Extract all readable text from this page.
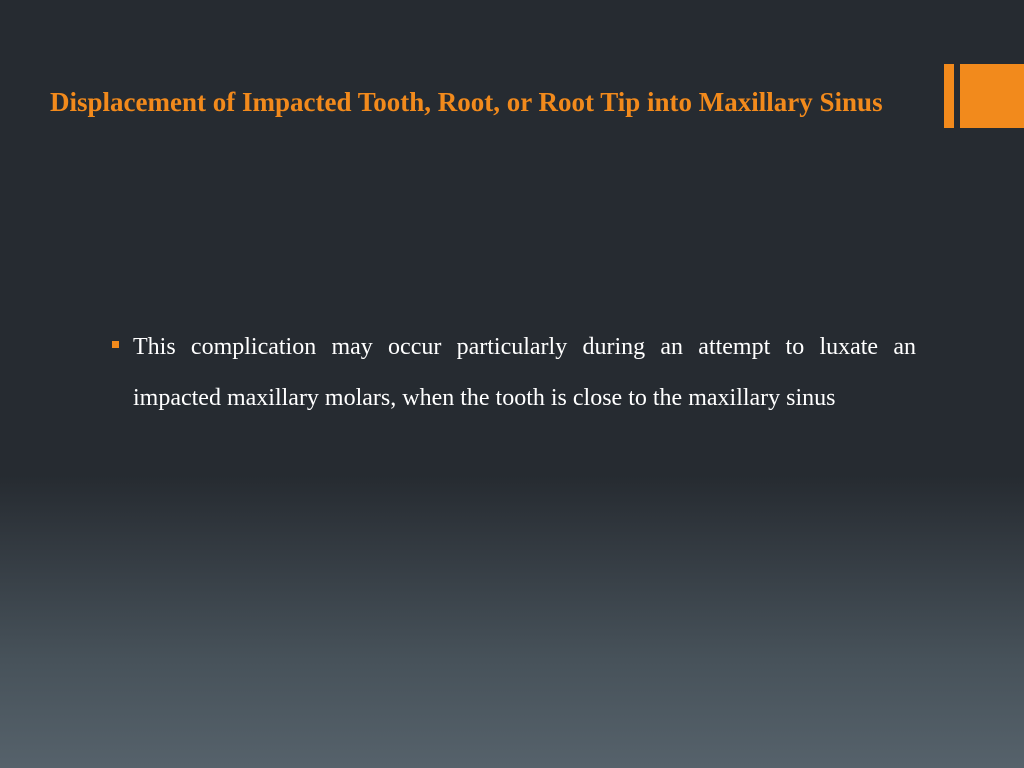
Displacement of Impacted Tooth, Root, or Root Tip into Maxillary Sinus

This complication may occur particularly during an attempt to luxate an impacted maxillary molars, when the tooth is close to the maxillary sinus
